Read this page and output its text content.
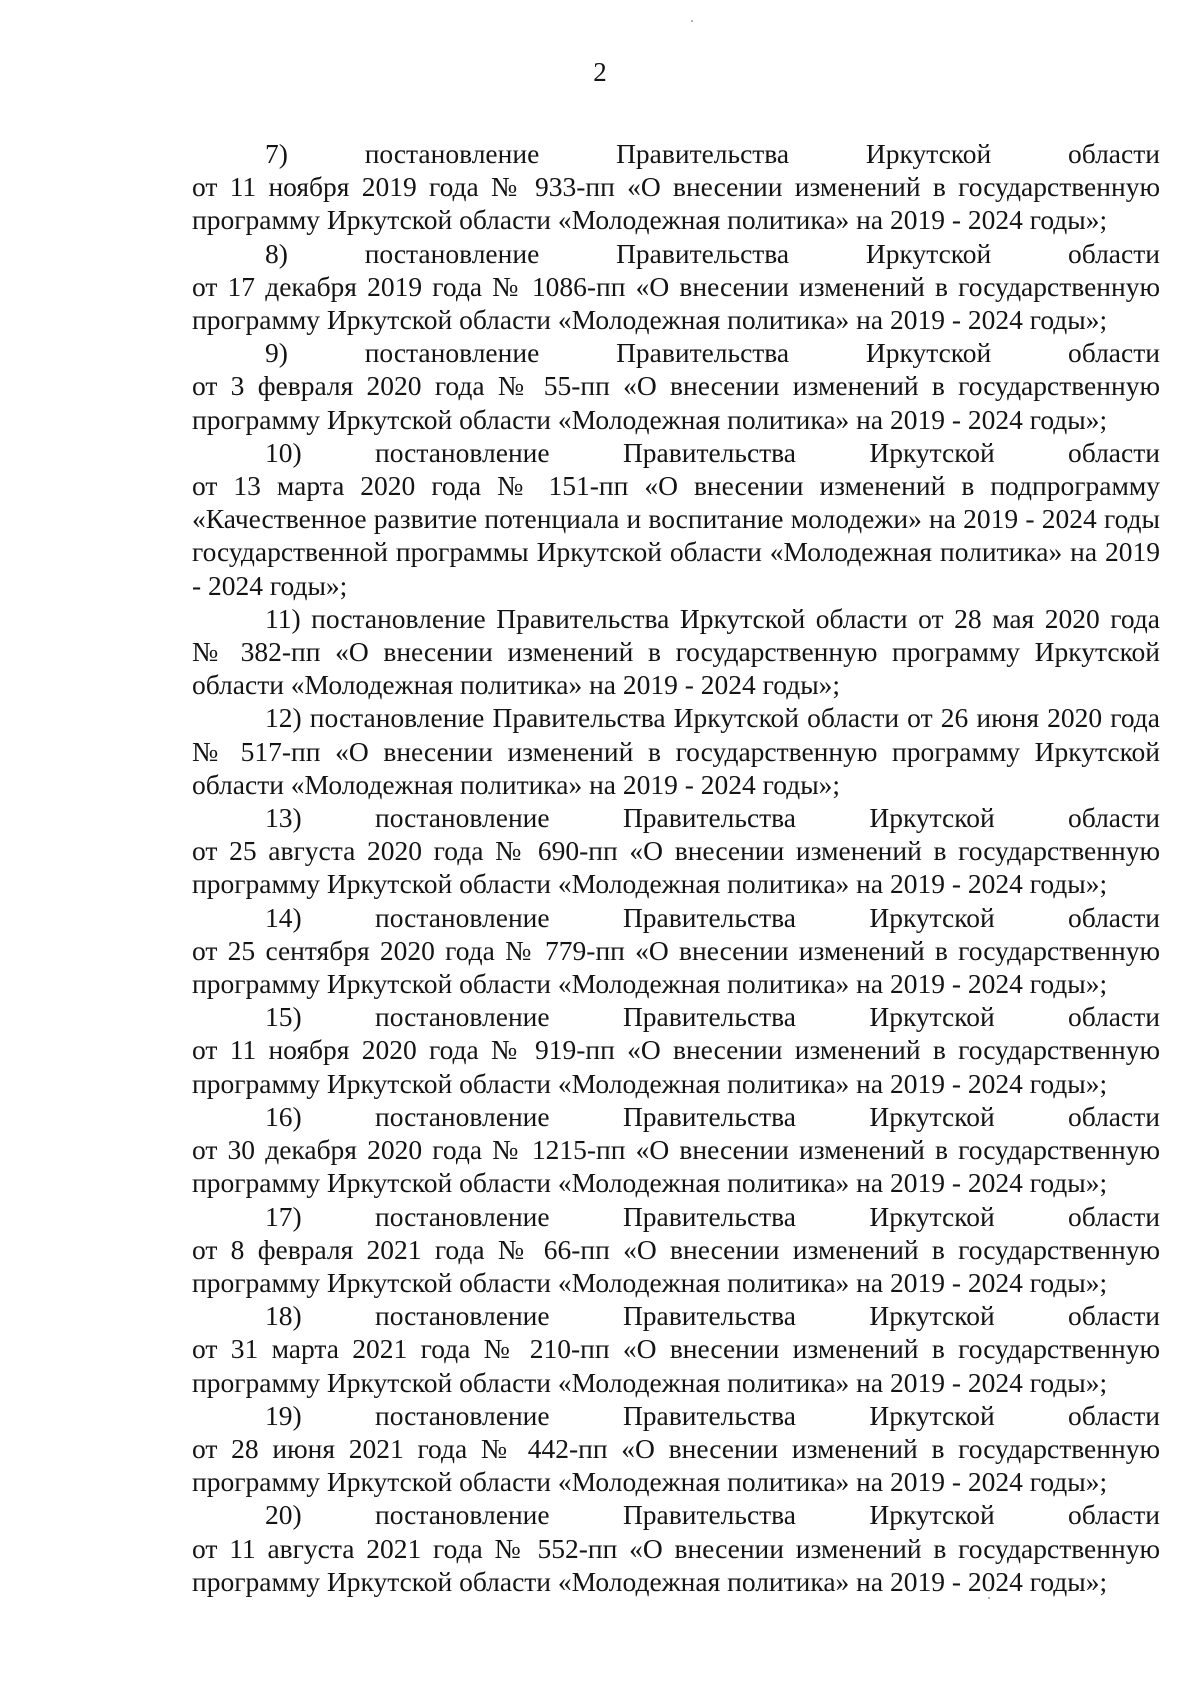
2

7)	постановление	Правительства	Иркутской	области
от 11 ноября 2019 года № 933-пп «О внесении изменений в государственную программу Иркутской области «Молодежная политика» на 2019 - 2024 годы»;

8)	постановление	Правительства	Иркутской	области
от 17 декабря 2019 года № 1086-пп «О внесении изменений в государственную программу Иркутской области «Молодежная политика» на 2019 - 2024 годы»;

9)	постановление	Правительства	Иркутской	области
от 3 февраля 2020 года № 55-пп «О внесении изменений в государственную программу Иркутской области «Молодежная политика» на 2019 - 2024 годы»;

10)	постановление	Правительства	Иркутской	области
от 13 марта 2020 года № 151-пп «О внесении изменений в подпрограмму «Качественное развитие потенциала и воспитание молодежи» на 2019 - 2024 годы государственной программы Иркутской области «Молодежная политика» на 2019 - 2024 годы»;

11) постановление Правительства Иркутской области от 28 мая 2020 года № 382-пп «О внесении изменений в государственную программу Иркутской области «Молодежная политика» на 2019 - 2024 годы»;

12) постановление Правительства Иркутской области от 26 июня 2020 года № 517-пп «О внесении изменений в государственную программу Иркутской области «Молодежная политика» на 2019 - 2024 годы»;

13)	постановление	Правительства	Иркутской	области
от 25 августа 2020 года № 690-пп «О внесении изменений в государственную программу Иркутской области «Молодежная политика» на 2019 - 2024 годы»;

14)	постановление	Правительства	Иркутской	области
от 25 сентября 2020 года № 779-пп «О внесении изменений в государственную программу Иркутской области «Молодежная политика» на 2019 - 2024 годы»;

15)	постановление	Правительства	Иркутской	области
от 11 ноября 2020 года № 919-пп «О внесении изменений в государственную программу Иркутской области «Молодежная политика» на 2019 - 2024 годы»;

16)	постановление	Правительства	Иркутской	области
от 30 декабря 2020 года № 1215-пп «О внесении изменений в государственную программу Иркутской области «Молодежная политика» на 2019 - 2024 годы»;

17)	постановление	Правительства	Иркутской	области
от 8 февраля 2021 года № 66-пп «О внесении изменений в государственную программу Иркутской области «Молодежная политика» на 2019 - 2024 годы»;

18)	постановление	Правительства	Иркутской	области
от 31 марта 2021 года № 210-пп «О внесении изменений в государственную программу Иркутской области «Молодежная политика» на 2019 - 2024 годы»;

19)	постановление	Правительства	Иркутской	области
от 28 июня 2021 года № 442-пп «О внесении изменений в государственную программу Иркутской области «Молодежная политика» на 2019 - 2024 годы»;

20)	постановление	Правительства	Иркутской	области
от 11 августа 2021 года № 552-пп «О внесении изменений в государственную программу Иркутской области «Молодежная политика» на 2019 - 2024 годы»;
